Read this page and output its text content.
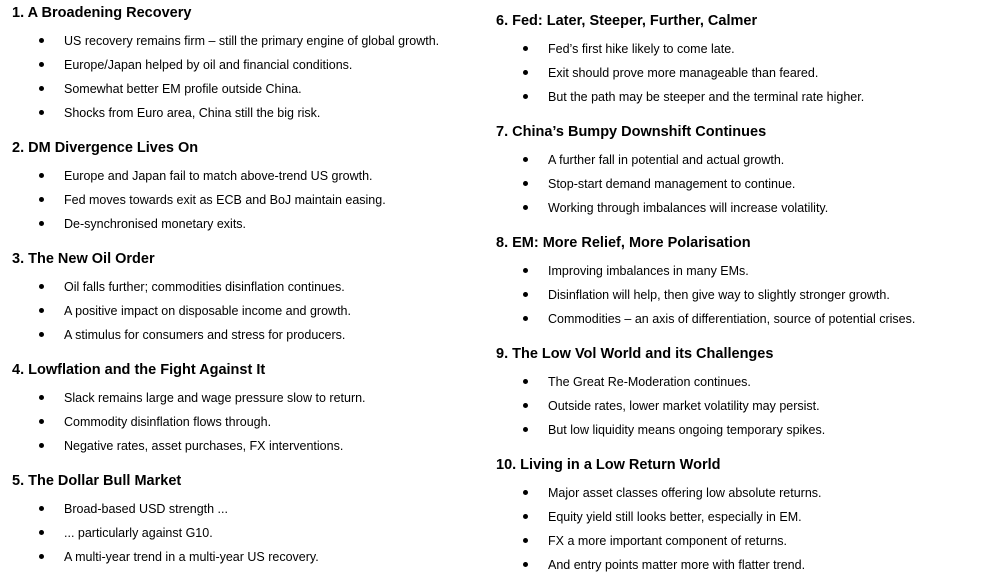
1. A Broadening Recovery
US recovery remains firm – still the primary engine of global growth.
Europe/Japan helped by oil and financial conditions.
Somewhat better EM profile outside China.
Shocks from Euro area, China still the big risk.
2. DM Divergence Lives On
Europe and Japan fail to match above-trend US growth.
Fed moves towards exit as ECB and BoJ maintain easing.
De-synchronised monetary exits.
3. The New Oil Order
Oil falls further; commodities disinflation continues.
A positive impact on disposable income and growth.
A stimulus for consumers and stress for producers.
4. Lowflation and the Fight Against It
Slack remains large and wage pressure slow to return.
Commodity disinflation flows through.
Negative rates, asset purchases, FX interventions.
5. The Dollar Bull Market
Broad-based USD strength ...
... particularly against G10.
A multi-year trend in a multi-year US recovery.
6. Fed: Later, Steeper, Further, Calmer
Fed’s first hike likely to come late.
Exit should prove more manageable than feared.
But the path may be steeper and the terminal rate higher.
7. China’s Bumpy Downshift Continues
A further fall in potential and actual growth.
Stop-start demand management to continue.
Working through imbalances will increase volatility.
8. EM: More Relief, More Polarisation
Improving imbalances in many EMs.
Disinflation will help, then give way to slightly stronger growth.
Commodities – an axis of differentiation, source of potential crises.
9. The Low Vol World and its Challenges
The Great Re-Moderation continues.
Outside rates, lower market volatility may persist.
But low liquidity means ongoing temporary spikes.
10. Living in a Low Return World
Major asset classes offering low absolute returns.
Equity yield still looks better, especially in EM.
FX a more important component of returns.
And entry points matter more with flatter trend.
